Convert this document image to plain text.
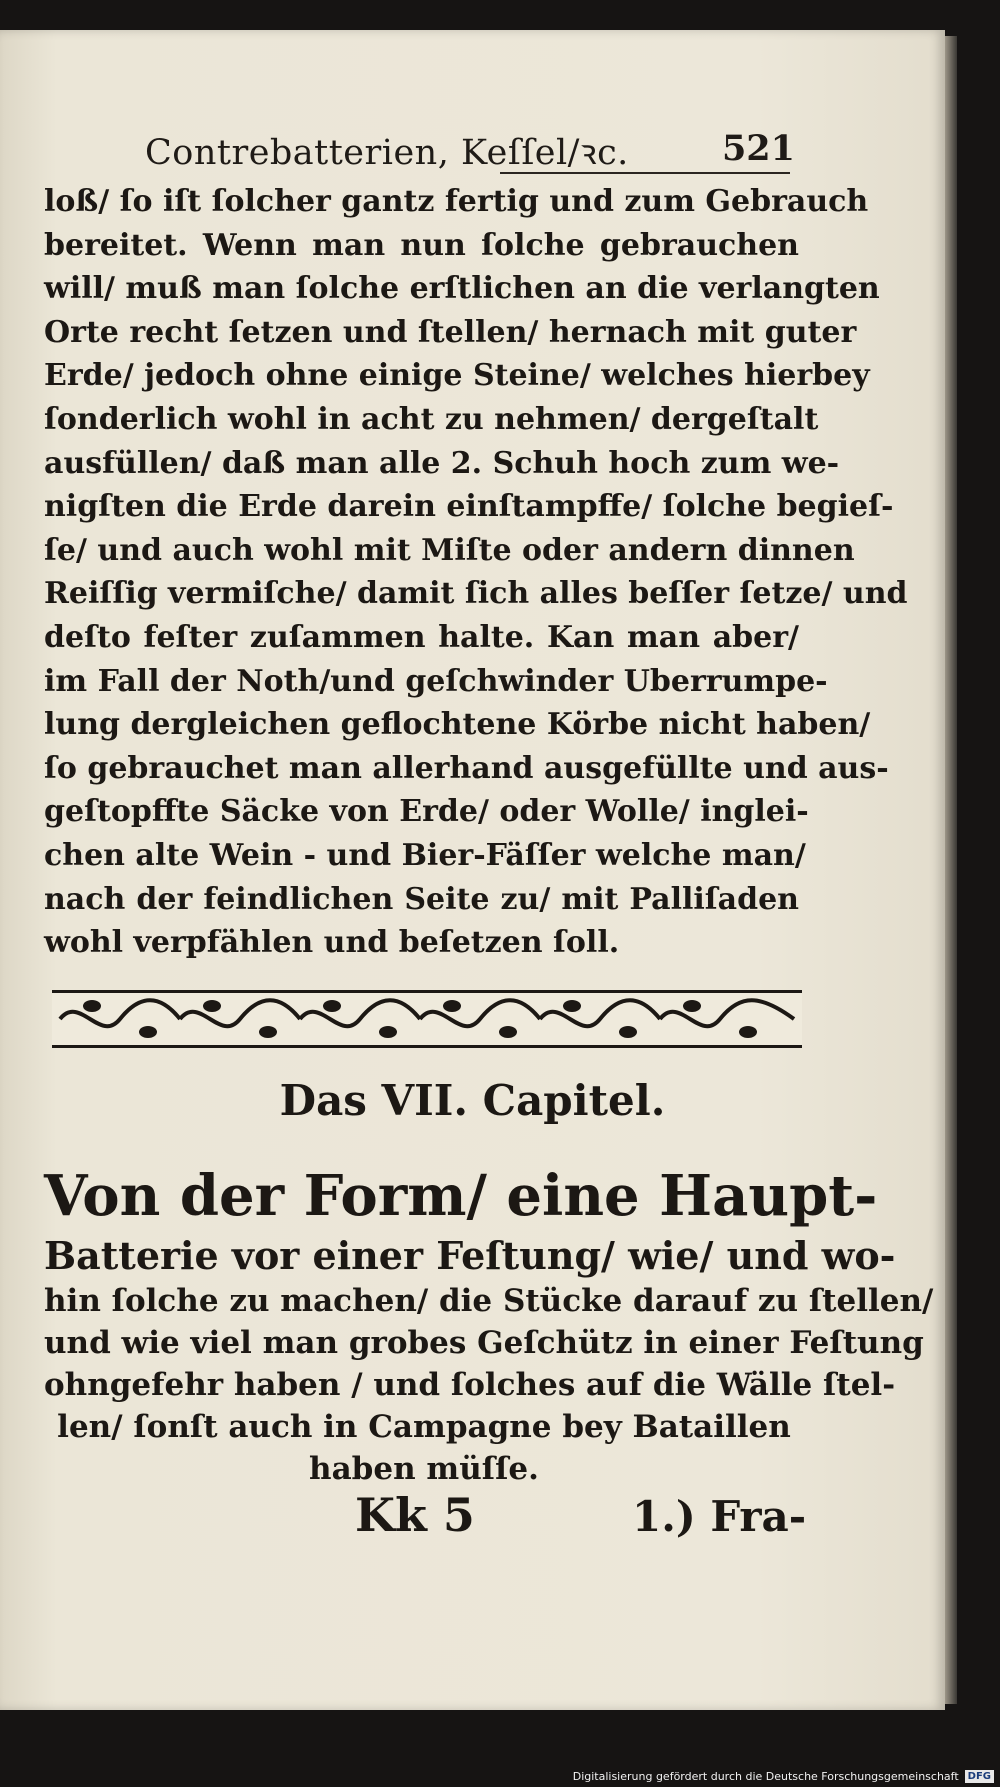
Contrebatterien, Keſſel/ꝛc.	521
loß/ ſo iſt ſolcher gantz fertig und zum Gebrauch
bereitet. Wenn man nun ſolche gebrauchen
will/ muß man ſolche erſtlichen an die verlangten
Orte recht ſetzen und ſtellen/ hernach mit guter
Erde/ jedoch ohne einige Steine/ welches hierbey
ſonderlich wohl in acht zu nehmen/ dergeſtalt
ausfüllen/ daß man alle 2. Schuh hoch zum we-
nigſten die Erde darein einſtampffe/ ſolche begieſ-
ſe/ und auch wohl mit Miſte oder andern dinnen
Reiſſig vermiſche/ damit ſich alles beſſer ſetze/ und
deſto feſter zuſammen halte. Kan man aber/
im Fall der Noth/und geſchwinder Uberrumpe-
lung dergleichen geflochtene Körbe nicht haben/
ſo gebrauchet man allerhand ausgefüllte und aus-
geſtopffte Säcke von Erde/ oder Wolle/ inglei-
chen alte Wein - und Bier-Fäſſer welche man/
nach der feindlichen Seite zu/ mit Palliſaden
wohl verpfählen und beſetzen ſoll.
Das VII. Capitel.
Von der Form/ eine Haupt-
Batterie vor einer Feſtung/ wie/ und wo-
hin ſolche zu machen/ die Stücke darauf zu ſtellen/
und wie viel man grobes Geſchütz in einer Feſtung
ohngefehr haben / und ſolches auf die Wälle ſtel-
len/ ſonſt auch in Campagne bey Bataillen
haben müſſe.
Kk 5	1.) Fra-
Digitalisierung gefördert durch die Deutsche Forschungsgemeinschaft DFG
